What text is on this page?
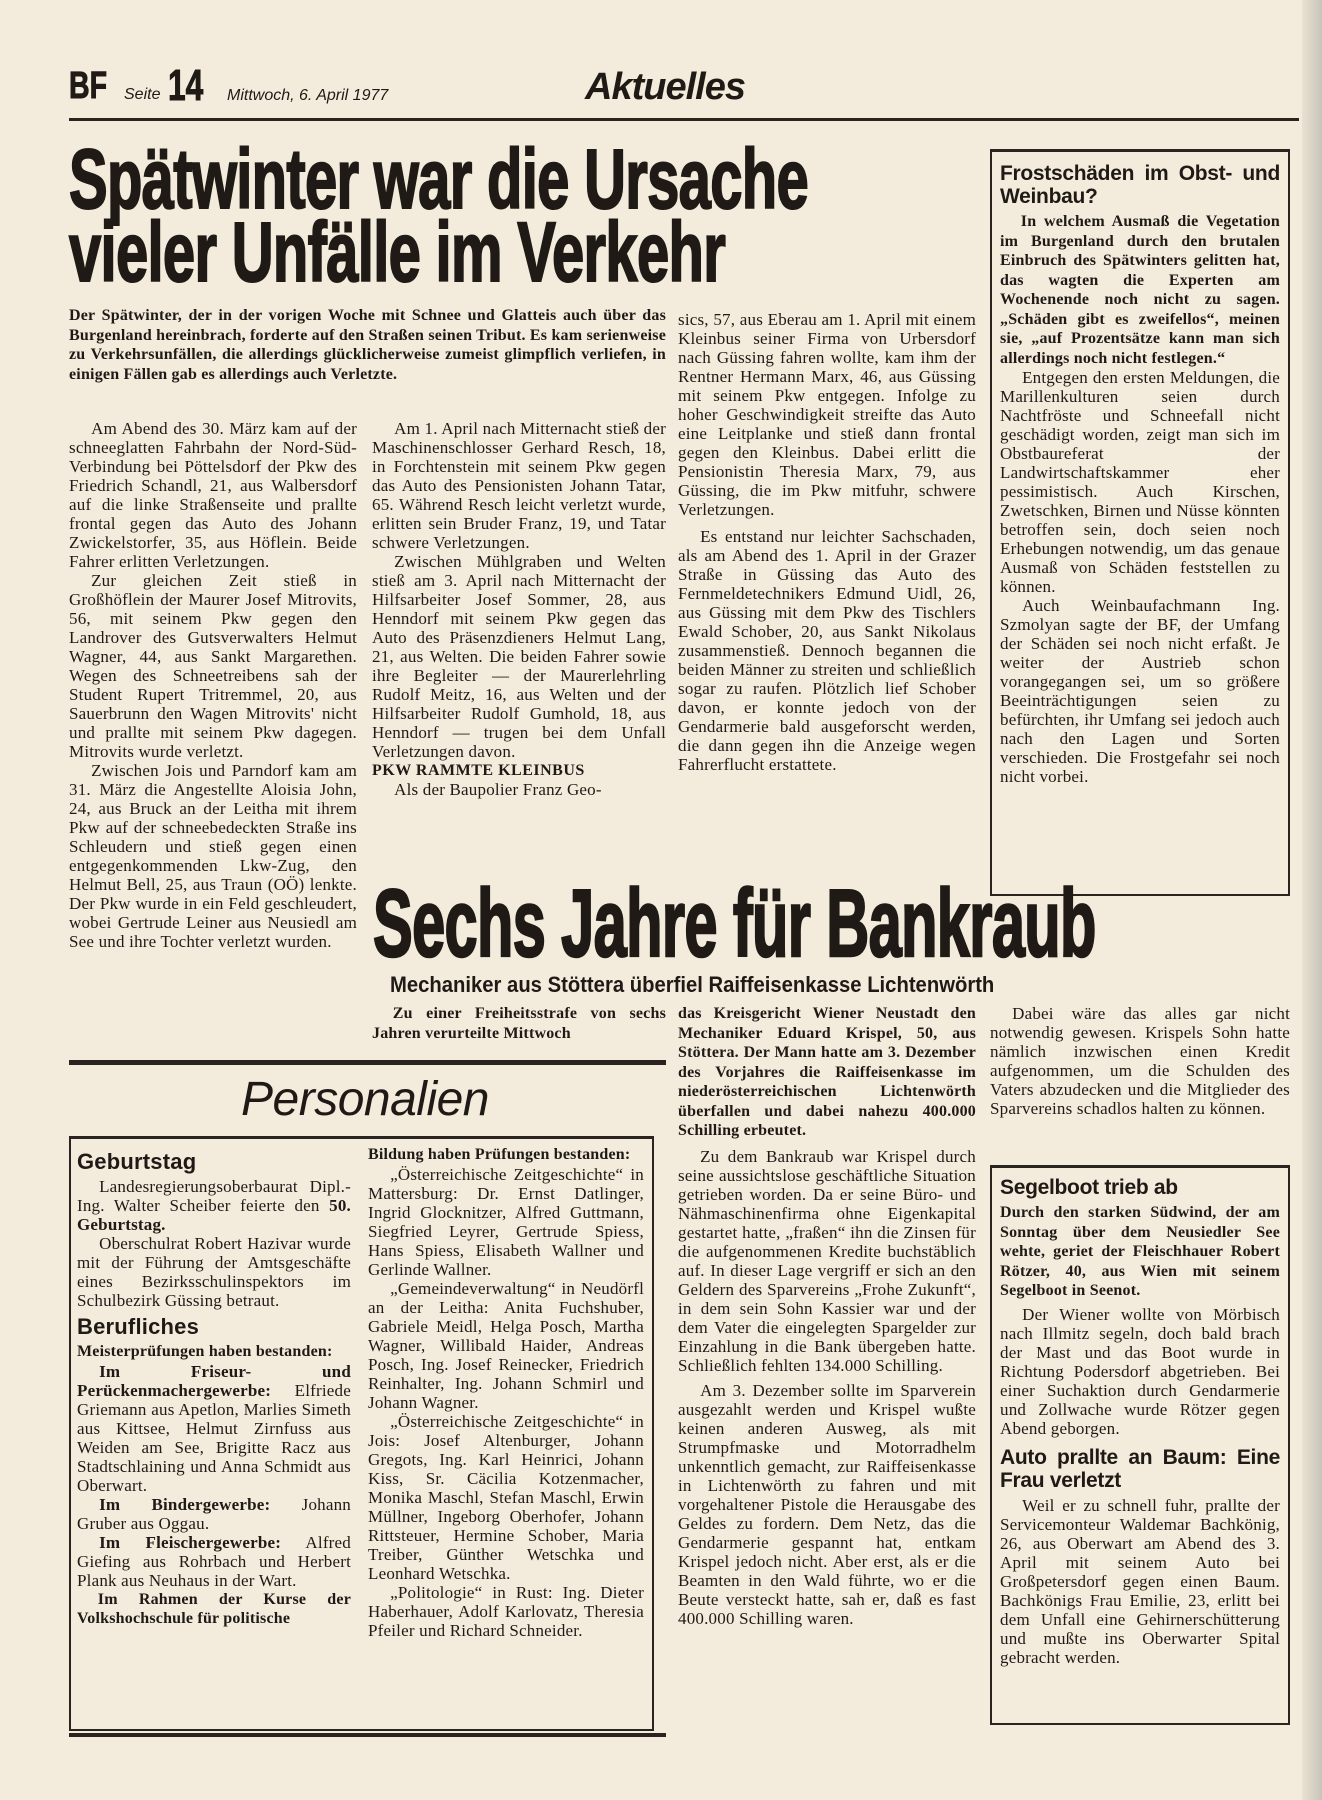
BF Seite 14 Mittwoch, 6. April 1977	Aktuelles
Spätwinter war die Ursache
vieler Unfälle im Verkehr
Der Spätwinter, der in der vorigen Woche mit Schnee und Glatteis auch über das Burgenland hereinbrach, forderte auf den Straßen seinen Tribut. Es kam serienweise zu Verkehrsunfällen, die allerdings glücklicherweise zumeist glimpflich verliefen, in einigen Fällen gab es allerdings auch Verletzte.

Am Abend des 30. März kam auf der schneeglatten Fahrbahn der Nord-Süd-Verbindung bei Pöttelsdorf der Pkw des Friedrich Schandl, 21, aus Walbersdorf auf die linke Straßenseite und prallte frontal gegen das Auto des Johann Zwickelstorfer, 35, aus Höflein. Beide Fahrer erlitten Verletzungen.

Zur gleichen Zeit stieß in Großhöflein der Maurer Josef Mitrovits, 56, mit seinem Pkw gegen den Landrover des Gutsverwalters Helmut Wagner, 44, aus Sankt Margarethen. Wegen des Schneetreibens sah der Student Rupert Tritremmel, 20, aus Sauerbrunn den Wagen Mitrovits' nicht und prallte mit seinem Pkw dagegen. Mitrovits wurde verletzt.

Zwischen Jois und Parndorf kam am 31. März die Angestellte Aloisia John, 24, aus Bruck an der Leitha mit ihrem Pkw auf der schneebedeckten Straße ins Schleudern und stieß gegen einen entgegenkommenden Lkw-Zug, den Helmut Bell, 25, aus Traun (OÖ) lenkte. Der Pkw wurde in ein Feld geschleudert, wobei Gertrude Leiner aus Neusiedl am See und ihre Tochter verletzt wurden.

Am 1. April nach Mitternacht stieß der Maschinenschlosser Gerhard Resch, 18, in Forchtenstein mit seinem Pkw gegen das Auto des Pensionisten Johann Tatar, 65. Während Resch leicht verletzt wurde, erlitten sein Bruder Franz, 19, und Tatar schwere Verletzungen.

Zwischen Mühlgraben und Welten stieß am 3. April nach Mitternacht der Hilfsarbeiter Josef Sommer, 28, aus Henndorf mit seinem Pkw gegen das Auto des Präsenzdieners Helmut Lang, 21, aus Welten. Die beiden Fahrer sowie ihre Begleiter — der Maurerlehrling Rudolf Meitz, 16, aus Welten und der Hilfsarbeiter Rudolf Gumhold, 18, aus Henndorf — trugen bei dem Unfall Verletzungen davon.

PKW RAMMTE KLEINBUS

Als der Baupolier Franz Geo-

sics, 57, aus Eberau am 1. April mit einem Kleinbus seiner Firma von Urbersdorf nach Güssing fahren wollte, kam ihm der Rentner Hermann Marx, 46, aus Güssing mit seinem Pkw entgegen. Infolge zu hoher Geschwindigkeit streifte das Auto eine Leitplanke und stieß dann frontal gegen den Kleinbus. Dabei erlitt die Pensionistin Theresia Marx, 79, aus Güssing, die im Pkw mitfuhr, schwere Verletzungen.

Es entstand nur leichter Sachschaden, als am Abend des 1. April in der Grazer Straße in Güssing das Auto des Fernmeldetechnikers Edmund Uidl, 26, aus Güssing mit dem Pkw des Tischlers Ewald Schober, 20, aus Sankt Nikolaus zusammenstieß. Dennoch begannen die beiden Männer zu streiten und schließlich sogar zu raufen. Plötzlich lief Schober davon, er konnte jedoch von der Gendarmerie bald ausgeforscht werden, die dann gegen ihn die Anzeige wegen Fahrerflucht erstattete.

Frostschäden im Obst- und Weinbau?

In welchem Ausmaß die Vegetation im Burgenland durch den brutalen Einbruch des Spätwinters gelitten hat, das wagten die Experten am Wochenende noch nicht zu sagen. „Schäden gibt es zweifellos“, meinen sie, „auf Prozentsätze kann man sich allerdings noch nicht festlegen.“

Entgegen den ersten Meldungen, die Marillenkulturen seien durch Nachtfröste und Schneefall nicht geschädigt worden, zeigt man sich im Obstbaureferat der Landwirtschaftskammer eher pessimistisch. Auch Kirschen, Zwetschken, Birnen und Nüsse könnten betroffen sein, doch seien noch Erhebungen notwendig, um das genaue Ausmaß von Schäden feststellen zu können.

Auch Weinbaufachmann Ing. Szmolyan sagte der BF, der Umfang der Schäden sei noch nicht erfaßt. Je weiter der Austrieb schon vorangegangen sei, um so größere Beeinträchtigungen seien zu befürchten, ihr Umfang sei jedoch auch nach den Lagen und Sorten verschieden. Die Frostgefahr sei noch nicht vorbei.

Sechs Jahre für Bankraub
Mechaniker aus Stöttera überfiel Raiffeisenkasse Lichtenwörth

Zu einer Freiheitsstrafe von sechs Jahren verurteilte Mittwoch

das Kreisgericht Wiener Neustadt den Mechaniker Eduard Krispel, 50, aus Stöttera. Der Mann hatte am 3. Dezember des Vorjahres die Raiffeisenkasse im niederösterreichischen Lichtenwörth überfallen und dabei nahezu 400.000 Schilling erbeutet.

Zu dem Bankraub war Krispel durch seine aussichtslose geschäftliche Situation getrieben worden. Da er seine Büro- und Nähmaschinenfirma ohne Eigenkapital gestartet hatte, „fraßen“ ihn die Zinsen für die aufgenommenen Kredite buchstäblich auf. In dieser Lage vergriff er sich an den Geldern des Sparvereins „Frohe Zukunft“, in dem sein Sohn Kassier war und der dem Vater die eingelegten Spargelder zur Einzahlung in die Bank übergeben hatte. Schließlich fehlten 134.000 Schilling.

Am 3. Dezember sollte im Sparverein ausgezahlt werden und Krispel wußte keinen anderen Ausweg, als mit Strumpfmaske und Motorradhelm unkenntlich gemacht, zur Raiffeisenkasse in Lichtenwörth zu fahren und mit vorgehaltener Pistole die Herausgabe des Geldes zu fordern. Dem Netz, das die Gendarmerie gespannt hat, entkam Krispel jedoch nicht. Aber erst, als er die Beamten in den Wald führte, wo er die Beute versteckt hatte, sah er, daß es fast 400.000 Schilling waren.

Dabei wäre das alles gar nicht notwendig gewesen. Krispels Sohn hatte nämlich inzwischen einen Kredit aufgenommen, um die Schulden des Vaters abzudecken und die Mitglieder des Sparvereins schadlos halten zu können.

Personalien
Geburtstag

Landesregierungsoberbaurat Dipl.-Ing. Walter Scheiber feierte den 50. Geburtstag.

Oberschulrat Robert Hazivar wurde mit der Führung der Amtsgeschäfte eines Bezirksschulinspektors im Schulbezirk Güssing betraut.

Berufliches

Meisterprüfungen haben bestanden:

Im Friseur- und Perückenmachergewerbe: Elfriede Griemann aus Apetlon, Marlies Simeth aus Kittsee, Helmut Zirnfuss aus Weiden am See, Brigitte Racz aus Stadtschlaining und Anna Schmidt aus Oberwart.

Im Bindergewerbe: Johann Gruber aus Oggau.

Im Fleischergewerbe: Alfred Giefing aus Rohrbach und Herbert Plank aus Neuhaus in der Wart.

Im Rahmen der Kurse der Volkshochschule für politische

Bildung haben Prüfungen bestanden:

„Österreichische Zeitgeschichte“ in Mattersburg: Dr. Ernst Datlinger, Ingrid Glocknitzer, Alfred Guttmann, Siegfried Leyrer, Gertrude Spiess, Hans Spiess, Elisabeth Wallner und Gerlinde Wallner.

„Gemeindeverwaltung“ in Neudörfl an der Leitha: Anita Fuchshuber, Gabriele Meidl, Helga Posch, Martha Wagner, Willibald Haider, Andreas Posch, Ing. Josef Reinecker, Friedrich Reinhalter, Ing. Johann Schmirl und Johann Wagner.

„Österreichische Zeitgeschichte“ in Jois: Josef Altenburger, Johann Gregots, Ing. Karl Heinrici, Johann Kiss, Sr. Cäcilia Kotzenmacher, Monika Maschl, Stefan Maschl, Erwin Müllner, Ingeborg Oberhofer, Johann Rittsteuer, Hermine Schober, Maria Treiber, Günther Wetschka und Leonhard Wetschka.

„Politologie“ in Rust: Ing. Dieter Haberhauer, Adolf Karlovatz, Theresia Pfeiler und Richard Schneider.

Segelboot trieb ab

Durch den starken Südwind, der am Sonntag über dem Neusiedler See wehte, geriet der Fleischhauer Robert Rötzer, 40, aus Wien mit seinem Segelboot in Seenot.

Der Wiener wollte von Mörbisch nach Illmitz segeln, doch bald brach der Mast und das Boot wurde in Richtung Podersdorf abgetrieben. Bei einer Suchaktion durch Gendarmerie und Zollwache wurde Rötzer gegen Abend geborgen.

Auto prallte an Baum: Eine Frau verletzt

Weil er zu schnell fuhr, prallte der Servicemonteur Waldemar Bachkönig, 26, aus Oberwart am Abend des 3. April mit seinem Auto bei Großpetersdorf gegen einen Baum. Bachkönigs Frau Emilie, 23, erlitt bei dem Unfall eine Gehirnerschütterung und mußte ins Oberwarter Spital gebracht werden.
